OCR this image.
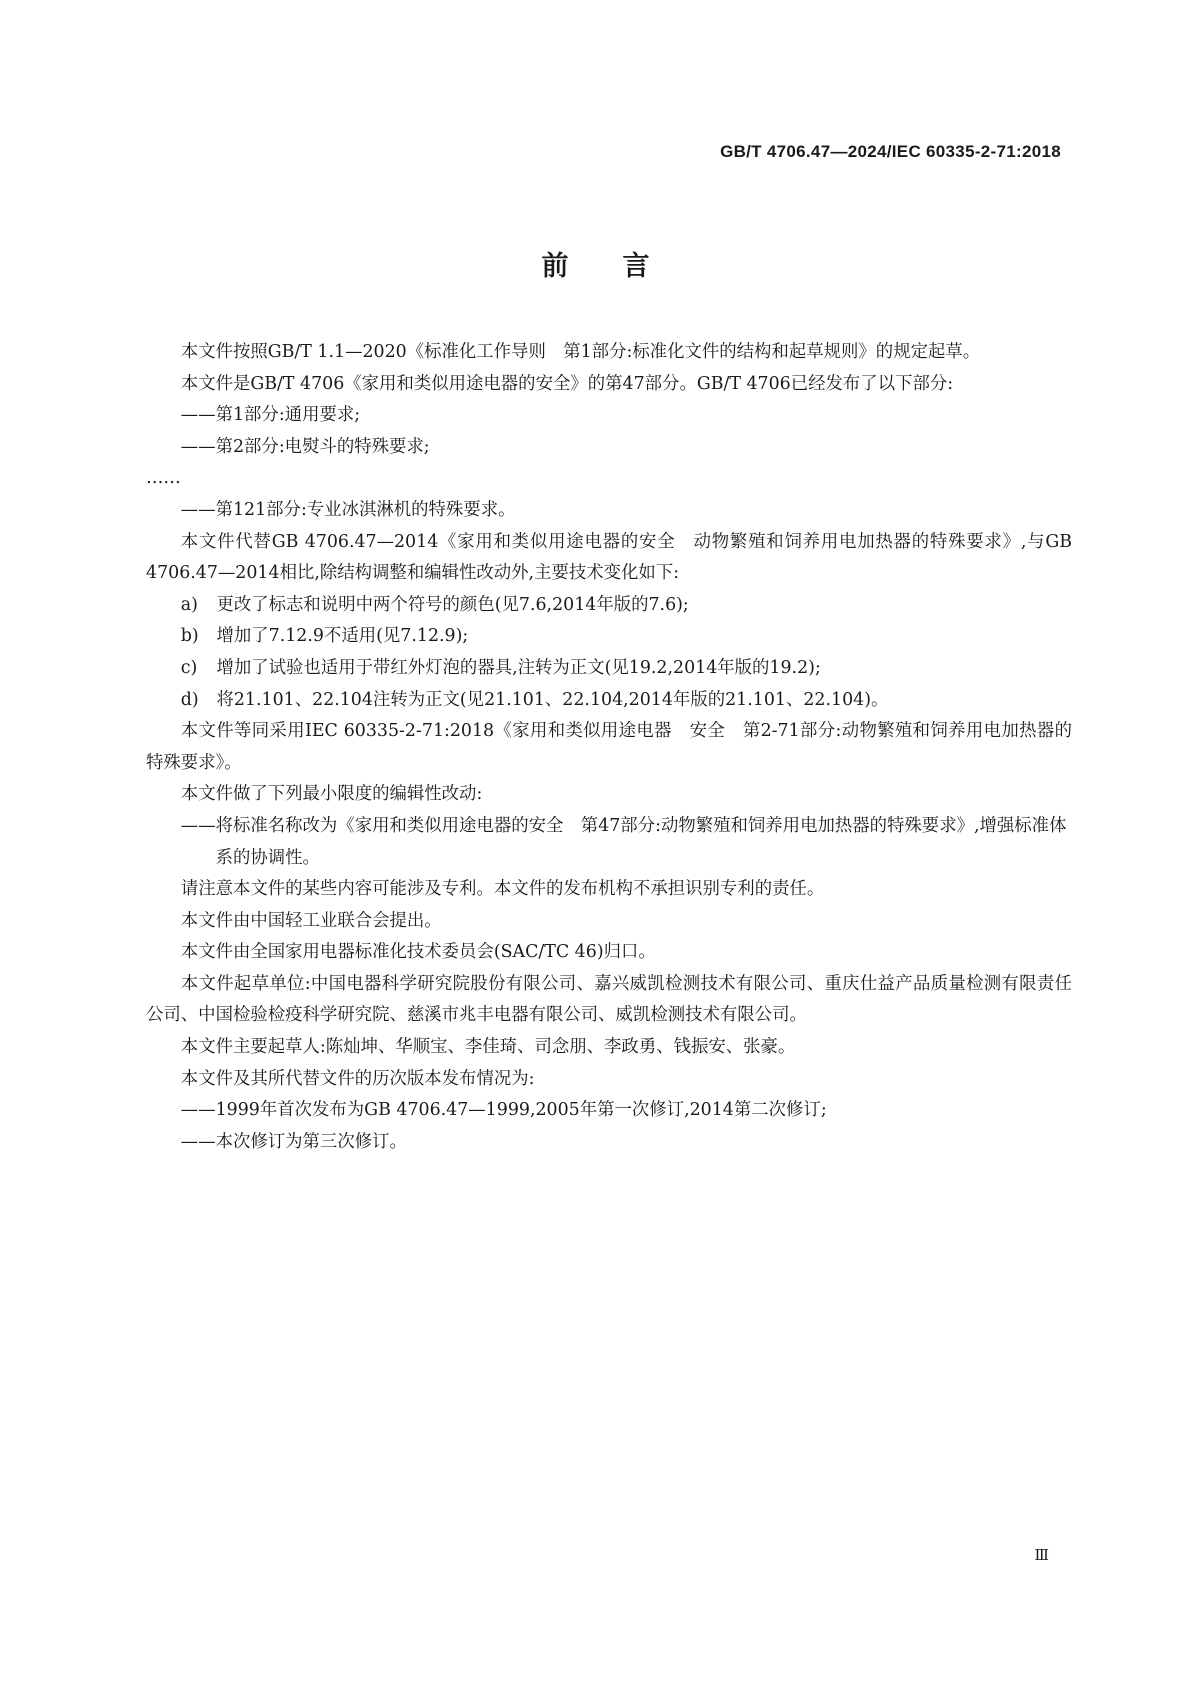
GB/T 4706.47—2024/IEC 60335-2-71:2018
前言

本文件按照GB/T 1.1—2020《标准化工作导则　第1部分:标准化文件的结构和起草规则》的规定起草。

本文件是GB/T 4706《家用和类似用途电器的安全》的第47部分。GB/T 4706已经发布了以下部分:

——第1部分:通用要求;

——第2部分:电熨斗的特殊要求;

……

——第121部分:专业冰淇淋机的特殊要求。

本文件代替GB 4706.47—2014《家用和类似用途电器的安全　动物繁殖和饲养用电加热器的特殊要求》,与GB 4706.47—2014相比,除结构调整和编辑性改动外,主要技术变化如下:

a) 更改了标志和说明中两个符号的颜色(见7.6,2014年版的7.6);

b) 增加了7.12.9不适用(见7.12.9);

c) 增加了试验也适用于带红外灯泡的器具,注转为正文(见19.2,2014年版的19.2);

d) 将21.101、22.104注转为正文(见21.101、22.104,2014年版的21.101、22.104)。

本文件等同采用IEC 60335-2-71:2018《家用和类似用途电器　安全　第2-71部分:动物繁殖和饲养用电加热器的特殊要求》。

本文件做了下列最小限度的编辑性改动:

——将标准名称改为《家用和类似用途电器的安全　第47部分:动物繁殖和饲养用电加热器的特殊要求》,增强标准体系的协调性。

请注意本文件的某些内容可能涉及专利。本文件的发布机构不承担识别专利的责任。

本文件由中国轻工业联合会提出。

本文件由全国家用电器标准化技术委员会(SAC/TC 46)归口。

本文件起草单位:中国电器科学研究院股份有限公司、嘉兴威凯检测技术有限公司、重庆仕益产品质量检测有限责任公司、中国检验检疫科学研究院、慈溪市兆丰电器有限公司、威凯检测技术有限公司。

本文件主要起草人:陈灿坤、华顺宝、李佳琦、司念朋、李政勇、钱振安、张豪。

本文件及其所代替文件的历次版本发布情况为:

——1999年首次发布为GB 4706.47—1999,2005年第一次修订,2014第二次修订;

——本次修订为第三次修订。

Ⅲ
